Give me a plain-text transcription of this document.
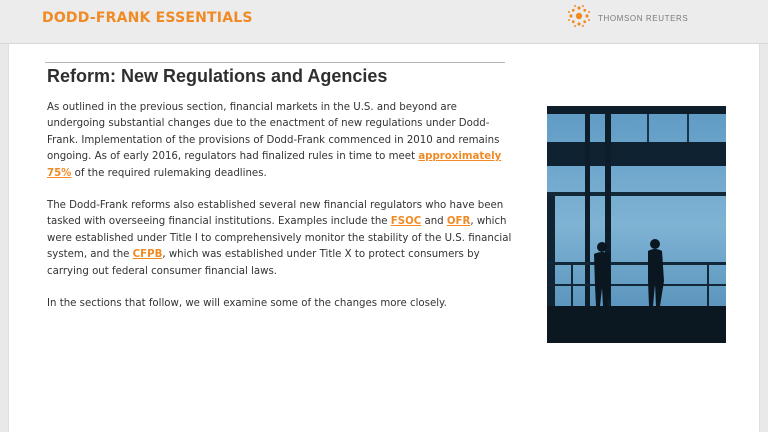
DODD-FRANK ESSENTIALS	THOMSON REUTERS
Reform: New Regulations and Agencies

As outlined in the previous section, financial markets in the U.S. and beyond are undergoing substantial changes due to the enactment of new regulations under Dodd-Frank. Implementation of the provisions of Dodd-Frank commenced in 2010 and remains ongoing. As of early 2016, regulators had finalized rules in time to meet approximately 75% of the required rulemaking deadlines.

The Dodd-Frank reforms also established several new financial regulators who have been tasked with overseeing financial institutions. Examples include the FSOC and OFR, which were established under Title I to comprehensively monitor the stability of the U.S. financial system, and the CFPB, which was established under Title X to protect consumers by carrying out federal consumer financial laws.

In the sections that follow, we will examine some of the changes more closely.
